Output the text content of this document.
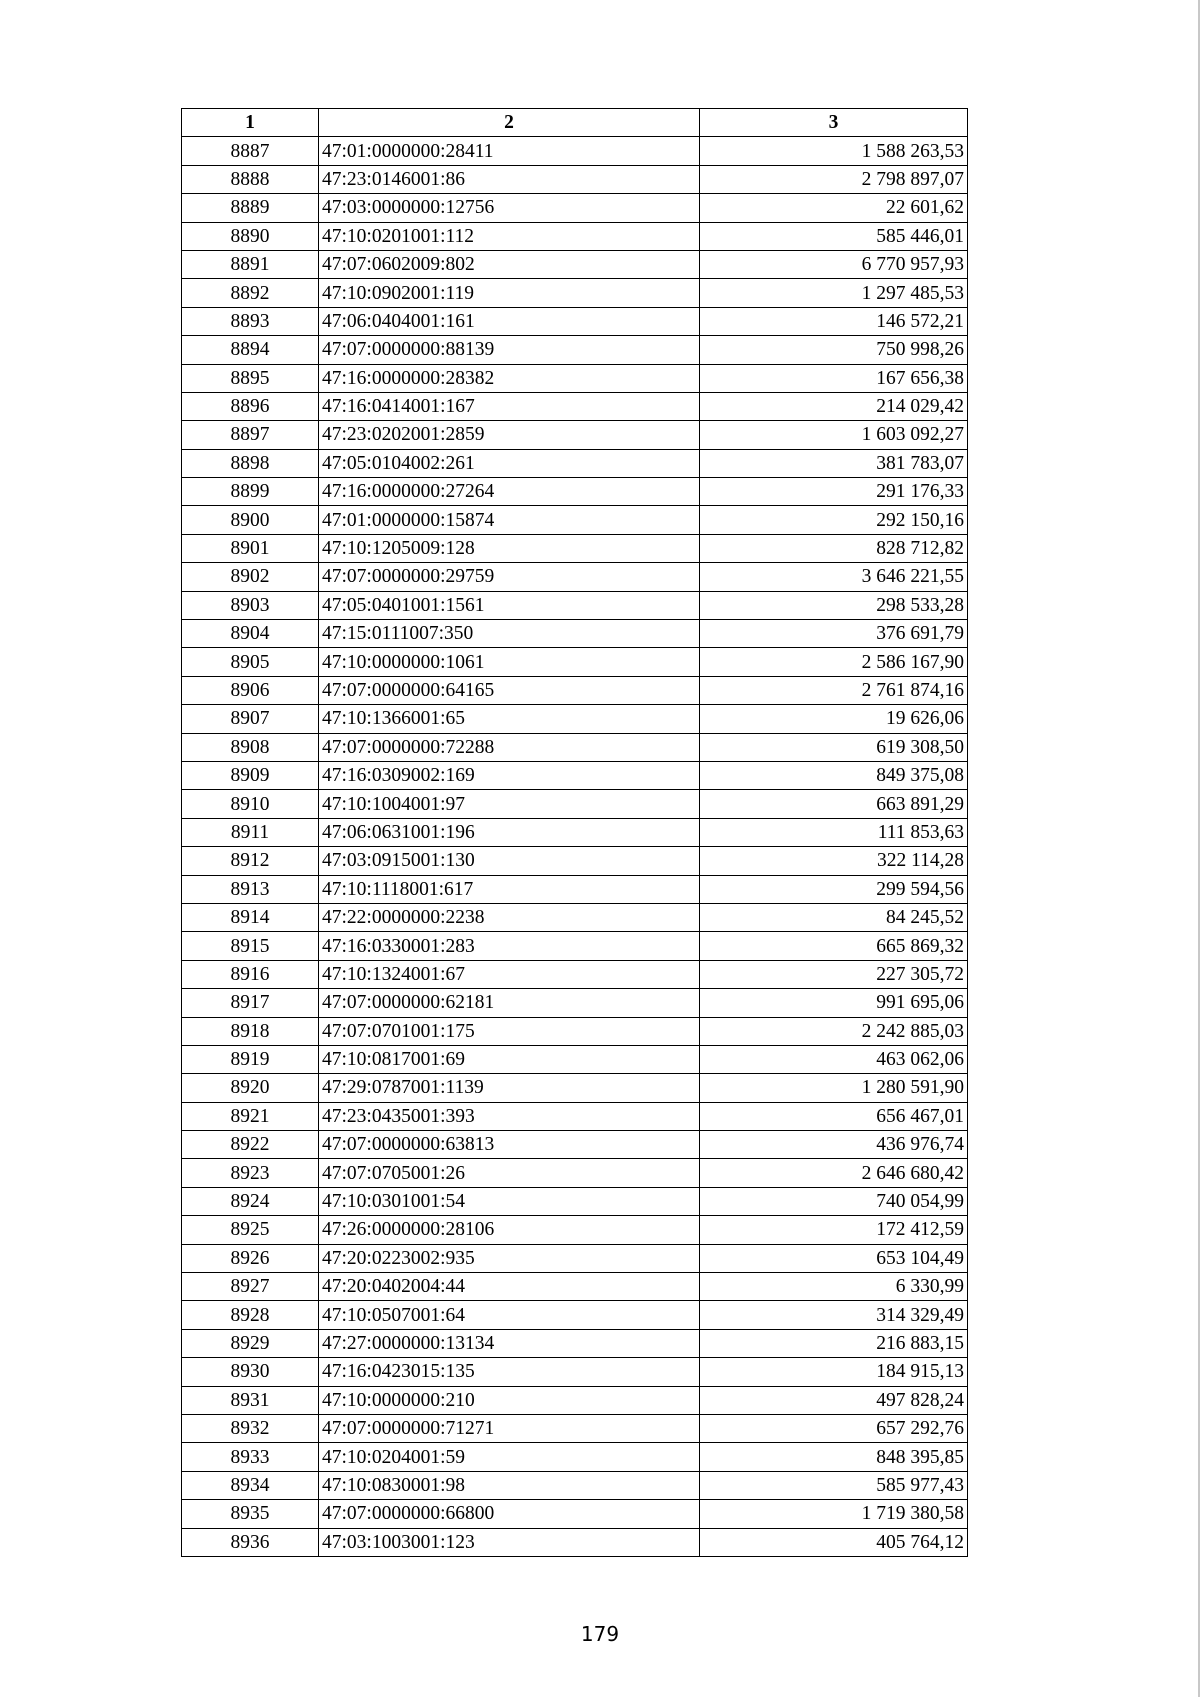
1	2	3
8887	47:01:0000000:28411	1 588 263,53
8888	47:23:0146001:86	2 798 897,07
8889	47:03:0000000:12756	22 601,62
8890	47:10:0201001:112	585 446,01
8891	47:07:0602009:802	6 770 957,93
8892	47:10:0902001:119	1 297 485,53
8893	47:06:0404001:161	146 572,21
8894	47:07:0000000:88139	750 998,26
8895	47:16:0000000:28382	167 656,38
8896	47:16:0414001:167	214 029,42
8897	47:23:0202001:2859	1 603 092,27
8898	47:05:0104002:261	381 783,07
8899	47:16:0000000:27264	291 176,33
8900	47:01:0000000:15874	292 150,16
8901	47:10:1205009:128	828 712,82
8902	47:07:0000000:29759	3 646 221,55
8903	47:05:0401001:1561	298 533,28
8904	47:15:0111007:350	376 691,79
8905	47:10:0000000:1061	2 586 167,90
8906	47:07:0000000:64165	2 761 874,16
8907	47:10:1366001:65	19 626,06
8908	47:07:0000000:72288	619 308,50
8909	47:16:0309002:169	849 375,08
8910	47:10:1004001:97	663 891,29
8911	47:06:0631001:196	111 853,63
8912	47:03:0915001:130	322 114,28
8913	47:10:1118001:617	299 594,56
8914	47:22:0000000:2238	84 245,52
8915	47:16:0330001:283	665 869,32
8916	47:10:1324001:67	227 305,72
8917	47:07:0000000:62181	991 695,06
8918	47:07:0701001:175	2 242 885,03
8919	47:10:0817001:69	463 062,06
8920	47:29:0787001:1139	1 280 591,90
8921	47:23:0435001:393	656 467,01
8922	47:07:0000000:63813	436 976,74
8923	47:07:0705001:26	2 646 680,42
8924	47:10:0301001:54	740 054,99
8925	47:26:0000000:28106	172 412,59
8926	47:20:0223002:935	653 104,49
8927	47:20:0402004:44	6 330,99
8928	47:10:0507001:64	314 329,49
8929	47:27:0000000:13134	216 883,15
8930	47:16:0423015:135	184 915,13
8931	47:10:0000000:210	497 828,24
8932	47:07:0000000:71271	657 292,76
8933	47:10:0204001:59	848 395,85
8934	47:10:0830001:98	585 977,43
8935	47:07:0000000:66800	1 719 380,58
8936	47:03:1003001:123	405 764,12
179
